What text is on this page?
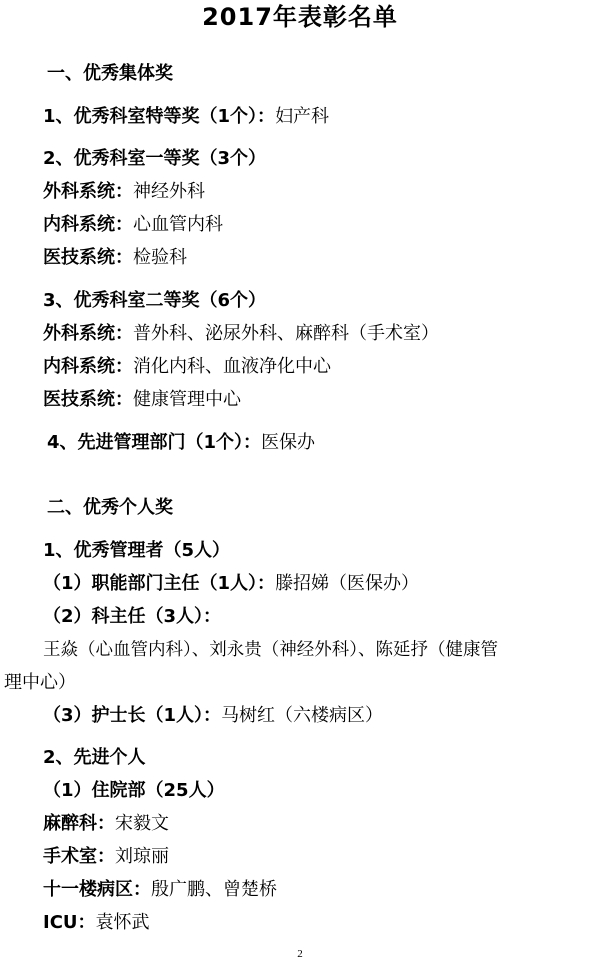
2017年表彰名单
一、优秀集体奖
1、优秀科室特等奖（1个）：妇产科
2、优秀科室一等奖（3个）
外科系统：神经外科
内科系统：心血管内科
医技系统：检验科
3、优秀科室二等奖（6个）
外科系统：普外科、泌尿外科、麻醉科（手术室）
内科系统：消化内科、血液净化中心
医技系统：健康管理中心
4、先进管理部门（1个）：医保办
二、优秀个人奖
1、优秀管理者（5人）
（1）职能部门主任（1人）：滕招娣（医保办）
（2）科主任（3人）：
王焱（心血管内科）、刘永贵（神经外科）、陈延抒（健康管
理中心）
（3）护士长（1人）：马树红（六楼病区）
2、先进个人
（1）住院部（25人）
麻醉科：宋毅文
手术室：刘琼丽
十一楼病区：殷广鹏、曾楚桥
ICU：袁怀武
2
